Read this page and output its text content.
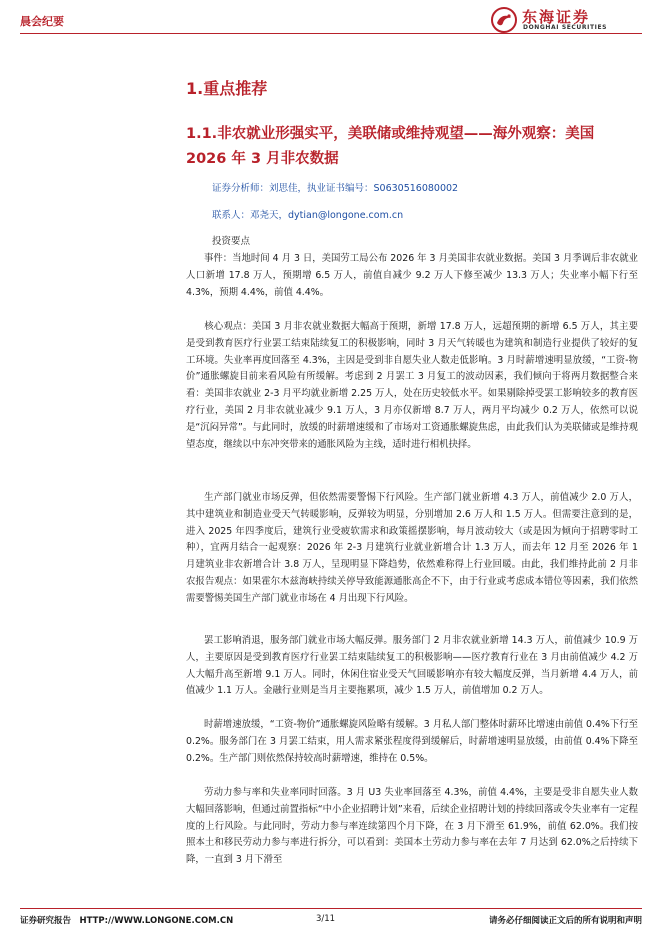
晨会纪要	东海证券
DONGHAI SECURITIES
1.重点推荐
1.1.非农就业形强实平，美联储或维持观望——海外观察：美国 2026 年 3 月非农数据
证券分析师：刘思佳，执业证书编号：S0630516080002
联系人：邓尧天，dytian@longone.com.cn
投资要点

事件：当地时间 4 月 3 日，美国劳工局公布 2026 年 3 月美国非农就业数据。美国 3 月季调后非农就业人口新增 17.8 万人，预期增 6.5 万人，前值自减少 9.2 万人下修至减少 13.3 万人；失业率小幅下行至 4.3%，预期 4.4%，前值 4.4%。

核心观点：美国 3 月非农就业数据大幅高于预期，新增 17.8 万人，远超预期的新增 6.5 万人，其主要是受到教育医疗行业罢工结束陆续复工的积极影响，同时 3 月天气转暖也为建筑和制造行业提供了较好的复工环境。失业率再度回落至 4.3%，主因是受到非自愿失业人数走低影响。3 月时薪增速明显放缓，“工资-物价”通胀螺旋目前来看风险有所缓解。考虑到 2 月罢工 3 月复工的波动因素，我们倾向于将两月数据整合来看：美国非农就业 2-3 月平均就业新增 2.25 万人，处在历史较低水平。如果剔除掉受罢工影响较多的教育医疗行业，美国 2 月非农就业减少 9.1 万人，3 月亦仅新增 8.7 万人，两月平均减少 0.2 万人，依然可以说是“沉闷异常”。与此同时，放缓的时薪增速缓和了市场对工资通胀螺旋焦虑，由此我们认为美联储或是维持观望态度，继续以中东冲突带来的通胀风险为主线，适时进行相机抉择。

生产部门就业市场反弹，但依然需要警惕下行风险。生产部门就业新增 4.3 万人，前值减少 2.0 万人，其中建筑业和制造业受天气转暖影响，反弹较为明显，分别增加 2.6 万人和 1.5 万人。但需要注意到的是，进入 2025 年四季度后，建筑行业受疲软需求和政策摇摆影响，每月波动较大（或是因为倾向于招聘零时工种），宜两月结合一起观察：2026 年 2-3 月建筑行业就业新增合计 1.3 万人，而去年 12 月至 2026 年 1 月建筑业非农新增合计 3.8 万人，呈现明显下降趋势，依然难称得上行业回暖。由此，我们维持此前 2 月非农报告观点：如果霍尔木兹海峡持续关停导致能源通胀高企不下，由于行业或考虑成本错位等因素，我们依然需要警惕美国生产部门就业市场在 4 月出现下行风险。

罢工影响消退，服务部门就业市场大幅反弹。服务部门 2 月非农就业新增 14.3 万人，前值减少 10.9 万人，主要原因是受到教育医疗行业罢工结束陆续复工的积极影响——医疗教育行业在 3 月由前值减少 4.2 万人大幅升高至新增 9.1 万人。同时，休闲住宿业受天气回暖影响亦有较大幅度反弹，当月新增 4.4 万人，前值减少 1.1 万人。金融行业则是当月主要拖累项，减少 1.5 万人，前值增加 0.2 万人。

时薪增速放缓，“工资-物价”通胀螺旋风险略有缓解。3 月私人部门整体时薪环比增速由前值 0.4%下行至 0.2%。服务部门在 3 月罢工结束，用人需求紧张程度得到缓解后，时薪增速明显放缓，由前值 0.4%下降至 0.2%。生产部门则依然保持较高时薪增速，维持在 0.5%。

劳动力参与率和失业率同时回落。3 月 U3 失业率回落至 4.3%，前值 4.4%，主要是受非自愿失业人数大幅回落影响，但通过前置指标“中小企业招聘计划”来看，后续企业招聘计划的持续回落或令失业率有一定程度的上行风险。与此同时，劳动力参与率连续第四个月下降，在 3 月下滑至 61.9%，前值 62.0%。我们按照本土和移民劳动力参与率进行拆分，可以看到：美国本土劳动力参与率在去年 7 月达到 62.0%之后持续下降，一直到 3 月下滑至

证券研究报告　HTTP://WWW.LONGONE.COM.CN	3/11	请务必仔细阅读正文后的所有说明和声明
